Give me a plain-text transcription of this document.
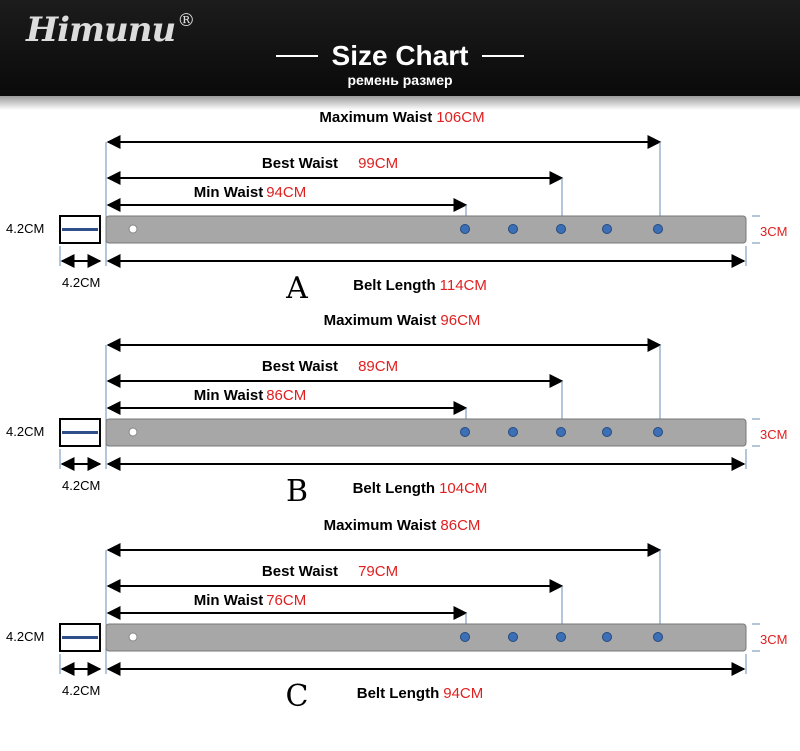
Himunu ®
Size Chart
ремень размер
Maximum Waist 106CM
Best Waist 99CM
Min Waist 94CM
4.2CM	3CM
4.2CM	A	Belt Length 114CM
Maximum Waist 96CM
Best Waist 89CM
Min Waist 86CM
4.2CM	3CM
4.2CM	B	Belt Length 104CM
Maximum Waist 86CM
Best Waist 79CM
Min Waist 76CM
4.2CM	3CM
4.2CM	C	Belt Length 94CM
